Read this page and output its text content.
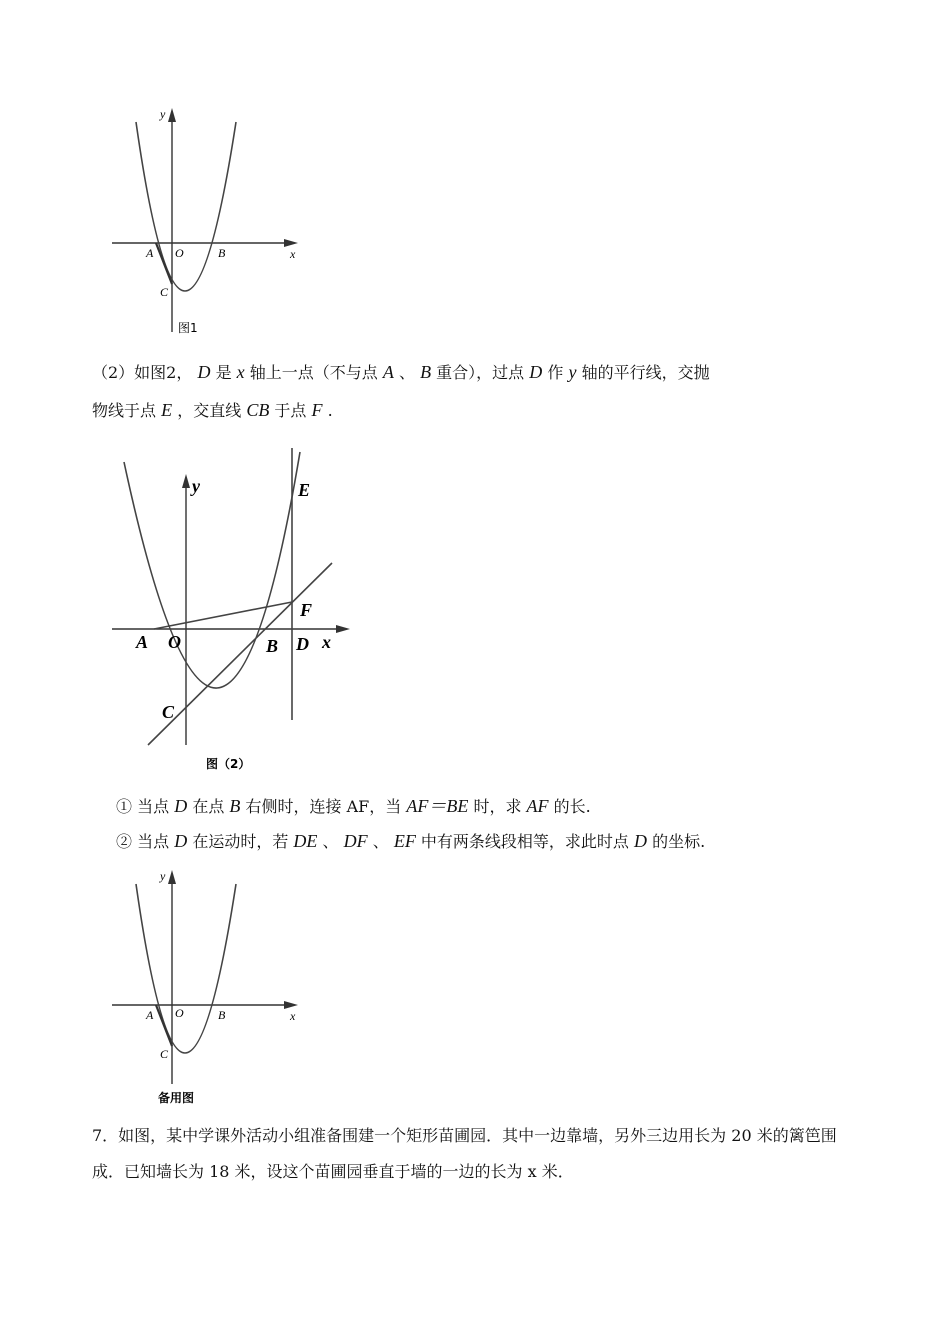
y
x
A O	B
C
图1
（2）如图2， D 是 x 轴上一点（不与点 A 、 B 重合），过点 D 作 y 轴的平行线，交抛
物线于点 E ，交直线 CB 于点 F .
y
x
A O	B D
C
E
F
图（2）
① 当点 D 在点 B 右侧时，连接 AF，当 AF＝BE 时，求 AF 的长.
② 当点 D 在运动时，若 DE 、 DF 、 EF 中有两条线段相等，求此时点 D 的坐标.
y
x
A O	B
C
备用图
7．如图，某中学课外活动小组准备围建一个矩形苗圃园．其中一边靠墙，另外三边用长为 20 米的篱笆围成．已知墙长为 18 米，设这个苗圃园垂直于墙的一边的长为 x 米．
